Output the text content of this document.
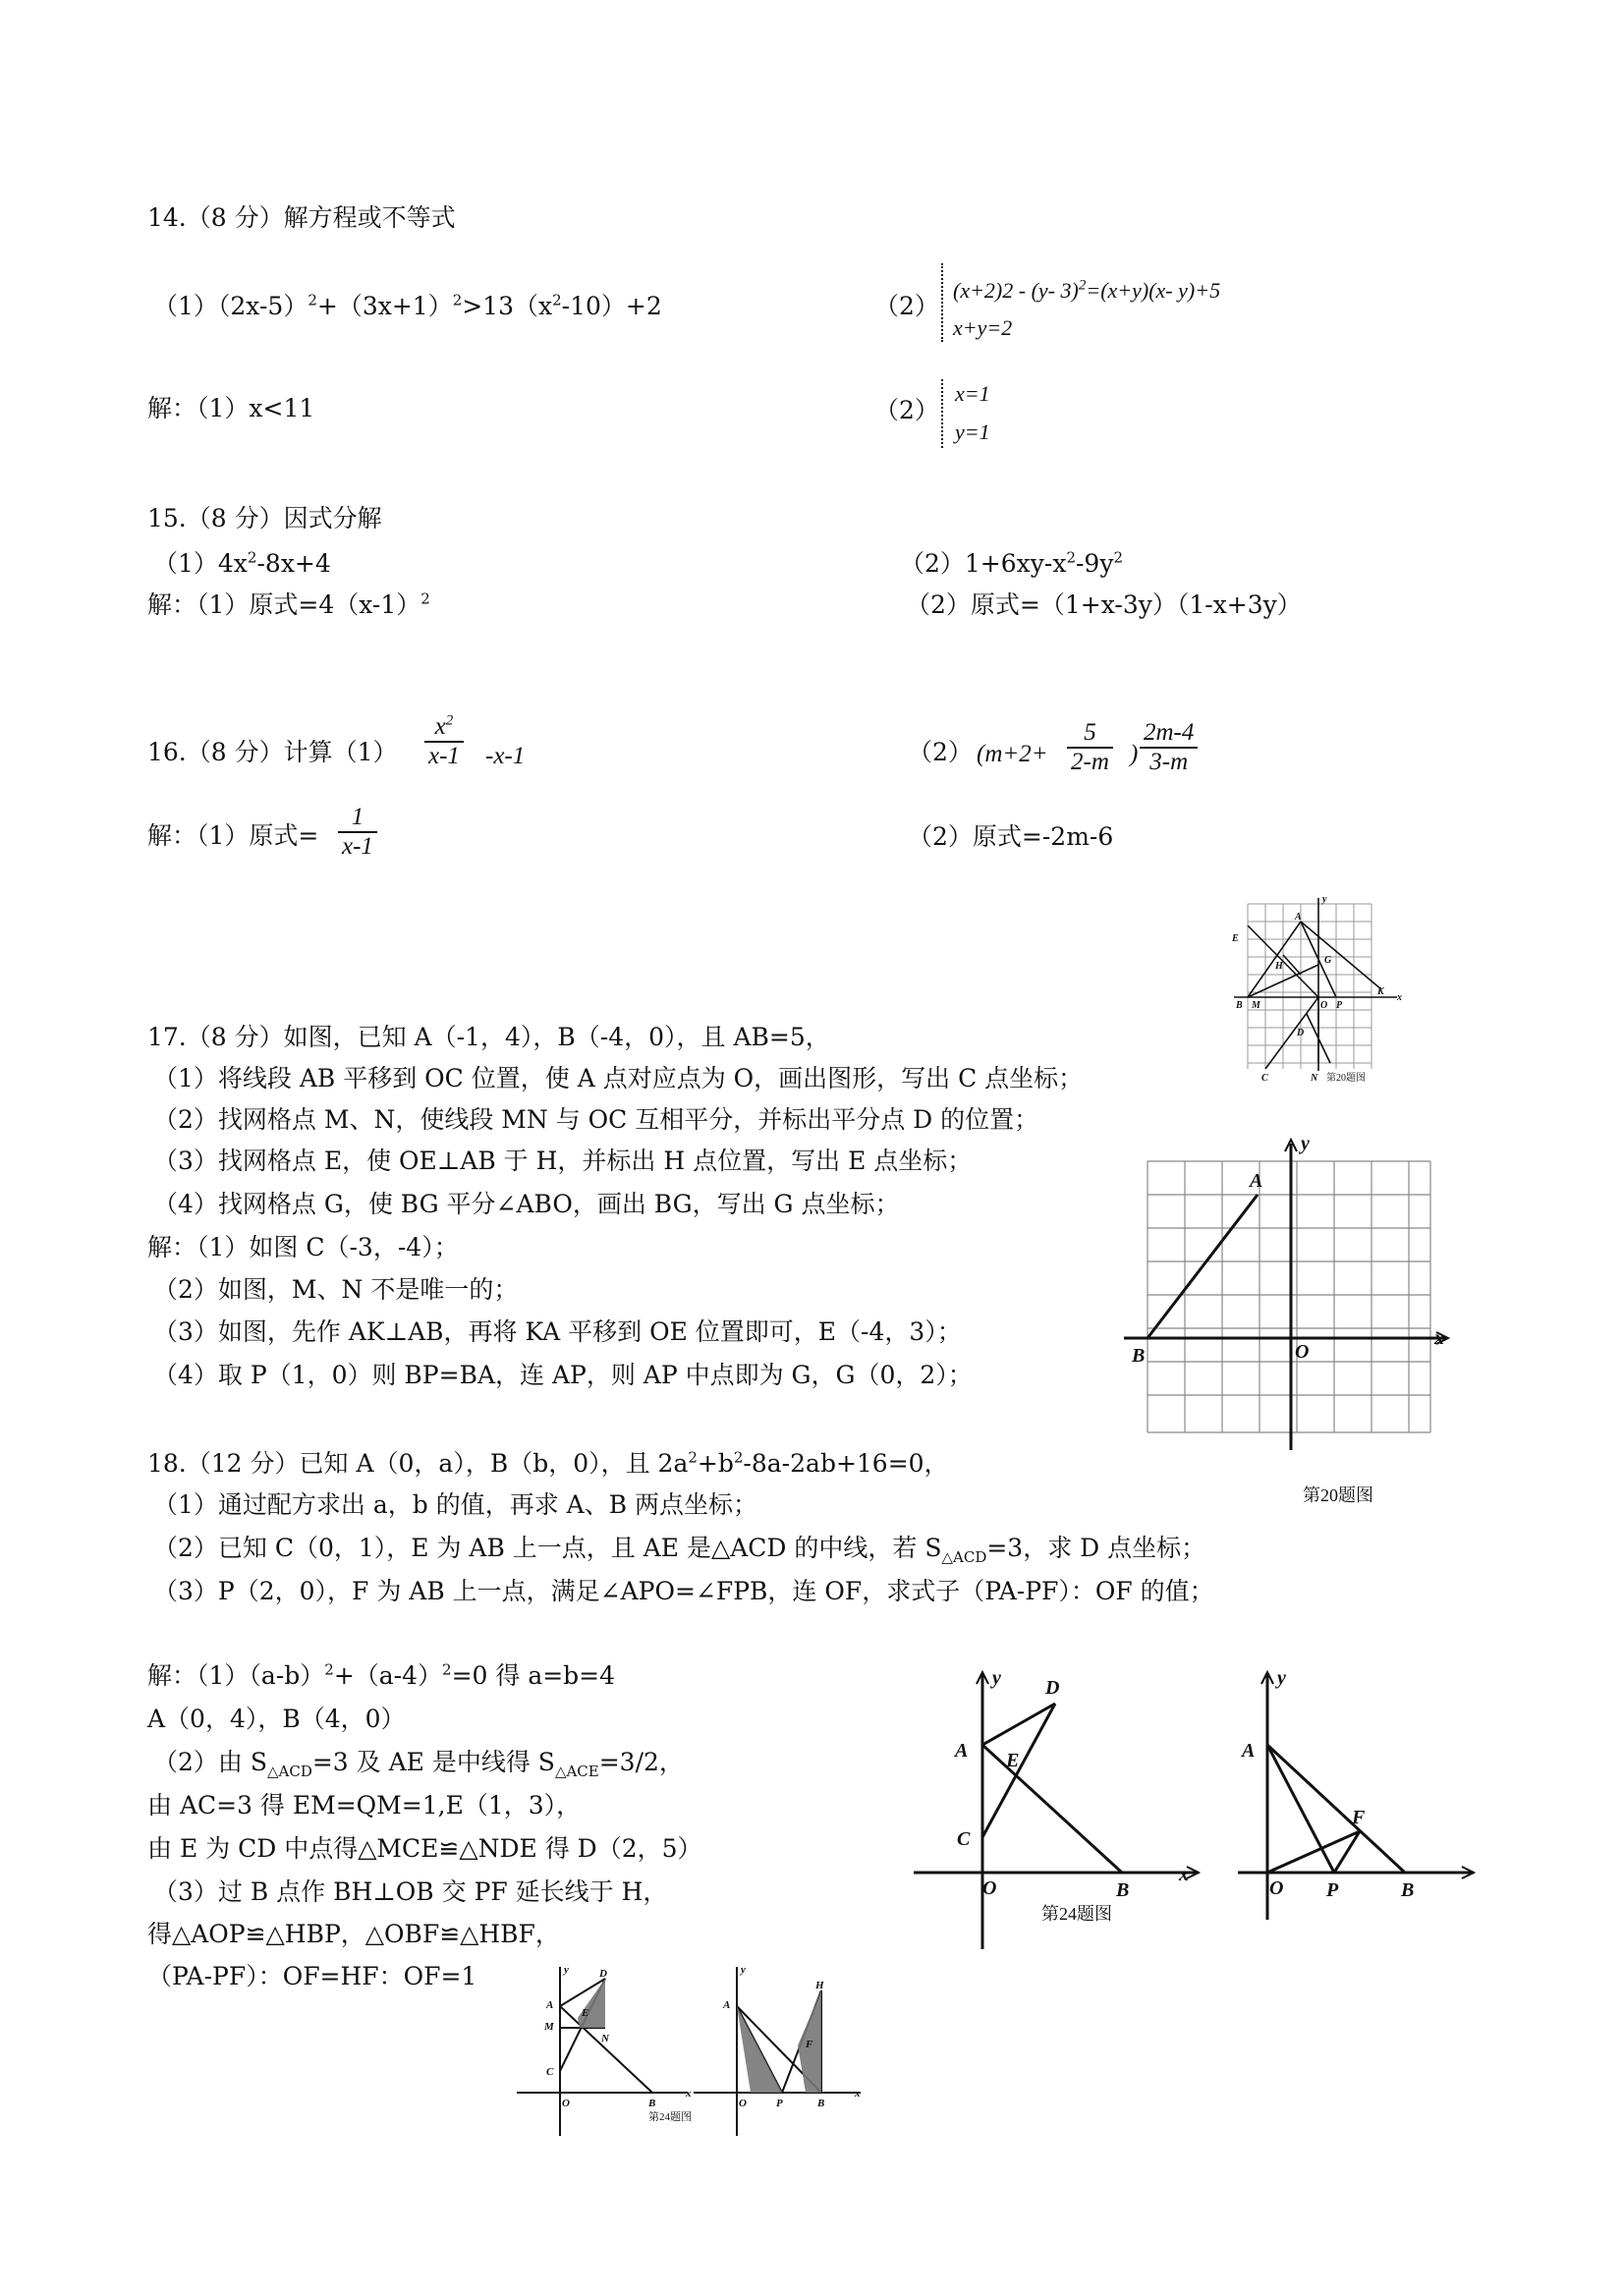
14.（8 分）解方程或不等式
$(1)(2x-5)^2+(3x+1)^2>13(x^2-10)+2$	（2）
(x+2)2 - (y- 3)$^2$=(x+y)(x- y)+5
x+y=2
解：（1）x<11	（2）
x=1
y=1
15.（8 分）因式分解
$(1)4x^2-8x+4$	$(2)1+6xy-x^2-9y^2$
解：（1）原式$=4(x-1)^2$	（2）原式=（1+x-3y）（1-x+3y）
16.（8 分）计算$(1) \frac{x^2}{x-1} -x-1$	（2） ($m+2+ \frac{5}{2-m}$ ) $\frac{2m-4}{3-m}$
解：（1）原式= $\frac{1}{x-1}$	（2）原式=-2m-6
A
E
H
G
K
B M	O P
D
C	N
y
x
第20题图
17.（8 分）如图，已知 A（-1，4），B（-4，0），且 AB=5，
（1）将线段 AB 平移到 OC 位置，使 A 点对应点为 O，画出图形，写出 C 点坐标；
（2）找网格点 M、N，使线段 MN 与 OC 互相平分，并标出平分点 D 的位置；
（3）找网格点 E，使 OE⊥AB 于 H，并标出 H 点位置，写出 E 点坐标；
（4）找网格点 G，使 BG 平分∠ABO，画出 BG，写出 G 点坐标；
解：（1）如图 C（-3，-4）；
（2）如图，M、N 不是唯一的；
（3）如图，先作 AK⊥AB，再将 KA 平移到 OE 位置即可，E（-4，3）；
（4）取 P（1，0）则 BP=BA，连 AP，则 AP 中点即为 G，G（0，2）；
A
B	O
y
x
第20题图
18.（12 分）已知 A（0，a），B（b，0），且 $2a^2+b^2-8a-2ab+16=0$，
（1）通过配方求出 a，b 的值，再求 A、B 两点坐标；
（2）已知 C（0，1），E 为 AB 上一点，且 AE 是△ACD 的中线，若 $S_{\triangle ACD}=3$，求 D 点坐标；
（3）P（2，0），F 为 AB 上一点，满足∠APO=∠FPB，连 OF，求式子（PA-PF）：OF 的值；
解：$(1)(a-b)^2+(a-4)^2=0$ 得 a=b=4
A（0，4），B（4，0）
（2）由 $S_{\triangle ACD}=3$ 及 AE 是中线得 $S_{\triangle ACE}=3/2$，
由 AC=3 得 EM=QM=1,E（1，3），
由 E 为 CD 中点得△MCE≌△NDE 得 D（2，5）
（3）过 B 点作 BH⊥OB 交 PF 延长线于 H，
得△AOP≌△HBP，△OBF≌△HBF，
（PA-PF）：OF=HF：OF=1
y D
A E
C
O	B
x
第24题图
y
A
F
O P	B
y	D
A
E
M
N
C
O	B
x
y
H
A
F
O	P	B
x
第24题图
